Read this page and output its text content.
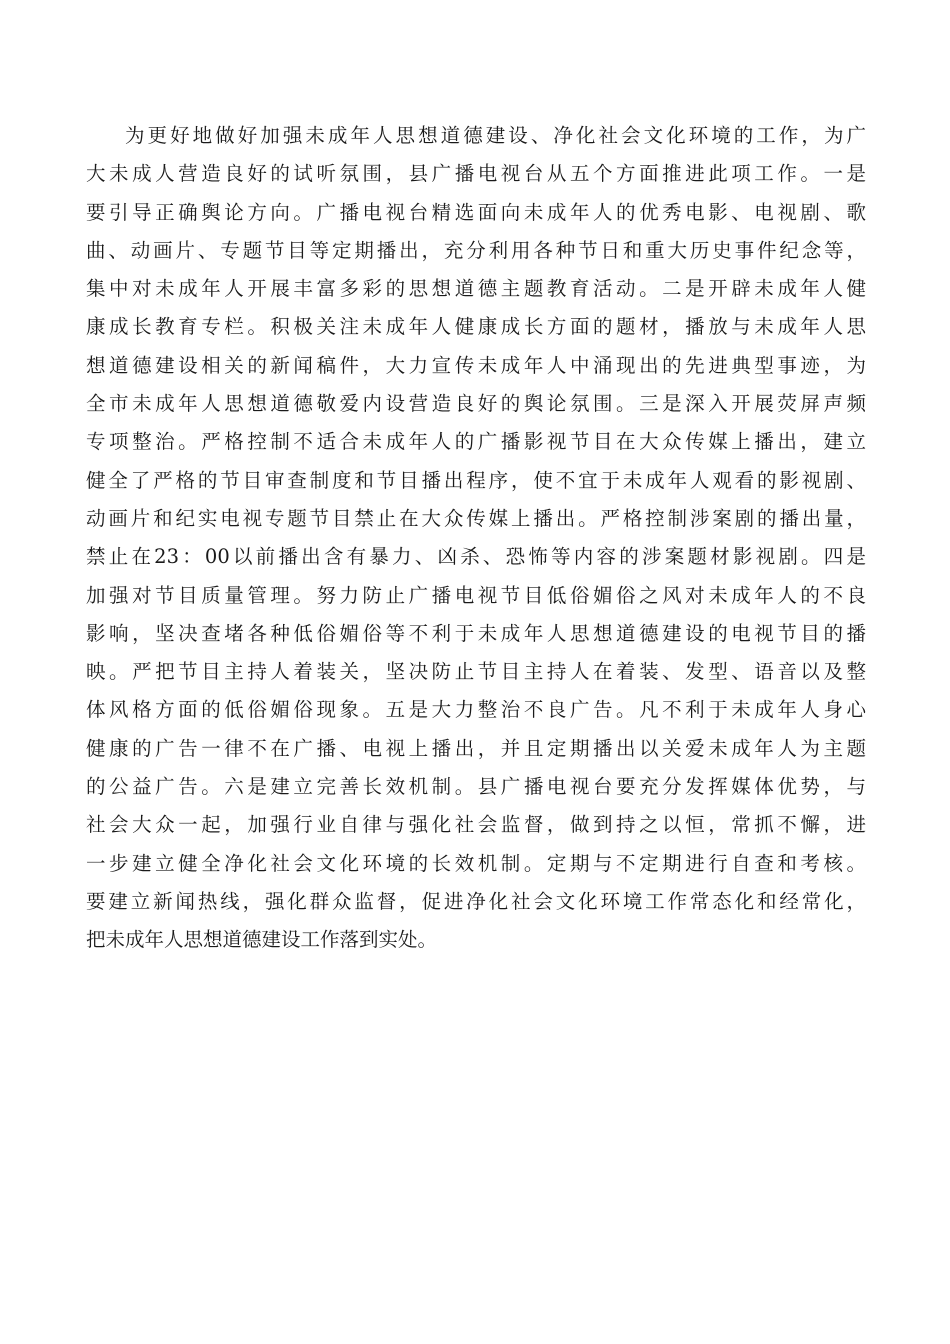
为更好地做好加强未成年人思想道德建设、净化社会文化环境的工作，为广
大未成人营造良好的试听氛围，县广播电视台从五个方面推进此项工作。一是
要引导正确舆论方向。广播电视台精选面向未成年人的优秀电影、电视剧、歌
曲、动画片、专题节目等定期播出，充分利用各种节日和重大历史事件纪念等，
集中对未成年人开展丰富多彩的思想道德主题教育活动。二是开辟未成年人健
康成长教育专栏。积极关注未成年人健康成长方面的题材，播放与未成年人思
想道德建设相关的新闻稿件，大力宣传未成年人中涌现出的先进典型事迹，为
全市未成年人思想道德敬爱内设营造良好的舆论氛围。三是深入开展荧屏声频
专项整治。严格控制不适合未成年人的广播影视节目在大众传媒上播出，建立
健全了严格的节目审查制度和节目播出程序，使不宜于未成年人观看的影视剧、
动画片和纪实电视专题节目禁止在大众传媒上播出。严格控制涉案剧的播出量，
禁止在23：00以前播出含有暴力、凶杀、恐怖等内容的涉案题材影视剧。四是
加强对节目质量管理。努力防止广播电视节目低俗媚俗之风对未成年人的不良
影响，坚决查堵各种低俗媚俗等不利于未成年人思想道德建设的电视节目的播
映。严把节目主持人着装关，坚决防止节目主持人在着装、发型、语音以及整
体风格方面的低俗媚俗现象。五是大力整治不良广告。凡不利于未成年人身心
健康的广告一律不在广播、电视上播出，并且定期播出以关爱未成年人为主题
的公益广告。六是建立完善长效机制。县广播电视台要充分发挥媒体优势，与
社会大众一起，加强行业自律与强化社会监督，做到持之以恒，常抓不懈，进
一步建立健全净化社会文化环境的长效机制。定期与不定期进行自查和考核。
要建立新闻热线，强化群众监督，促进净化社会文化环境工作常态化和经常化，
把未成年人思想道德建设工作落到实处。
